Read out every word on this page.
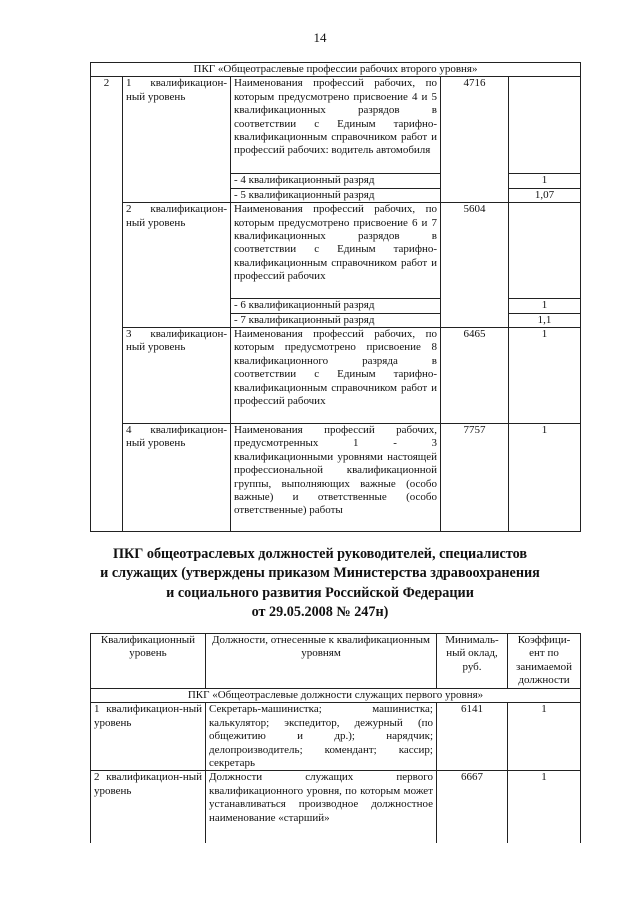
14
ПКГ «Общеотраслевые профессии рабочих второго уровня»				
2	1 квалификацион-ный уровень	Наименования профессий рабочих, по которым предусмотрено присвоение 4 и 5 квалификационных разрядов в соответствии с Единым тарифно-квалификационным справочником работ и профессий рабочих: водитель автомобиля	4716	
		- 4 квалификационный разряд		1
		- 5 квалификационный разряд		1,07
	2 квалификацион-ный уровень	Наименования профессий рабочих, по которым предусмотрено присвоение 6 и 7 квалификационных разрядов в соответствии с Единым тарифно-квалификационным справочником работ и профессий рабочих	5604	
		- 6 квалификационный разряд		1
		- 7 квалификационный разряд		1,1
	3 квалификацион-ный уровень	Наименования профессий рабочих, по которым предусмотрено присвоение 8 квалификационного разряда в соответствии с Единым тарифно-квалификационным справочником работ и профессий рабочих	6465	1
	4 квалификацион-ный уровень	Наименования профессий рабочих, предусмотренных 1 - 3 квалификационными уровнями настоящей профессиональной квалификационной группы, выполняющих важные (особо важные) и ответственные (особо ответственные) работы	7757	1
ПКГ общеотраслевых должностей руководителей, специалистов
и служащих (утверждены приказом Министерства здравоохранения
и социального развития Российской Федерации
от 29.05.2008 № 247н)
Квалификационный уровень	Должности, отнесенные к квалификационным уровням	Минималь-ный оклад, руб.	Коэффици-ент по занимаемой должности
ПКГ «Общеотраслевые должности служащих первого уровня»			
1 квалификацион-ный уровень	Секретарь-машинистка; машинистка; калькулятор; экспедитор, дежурный (по общежитию и др.); нарядчик; делопроизводитель; комендант; кассир; секретарь	6141	1
2 квалификацион-ный уровень	Должности служащих первого квалификационного уровня, по которым может устанавливаться производное должностное наименование «старший»	6667	1
